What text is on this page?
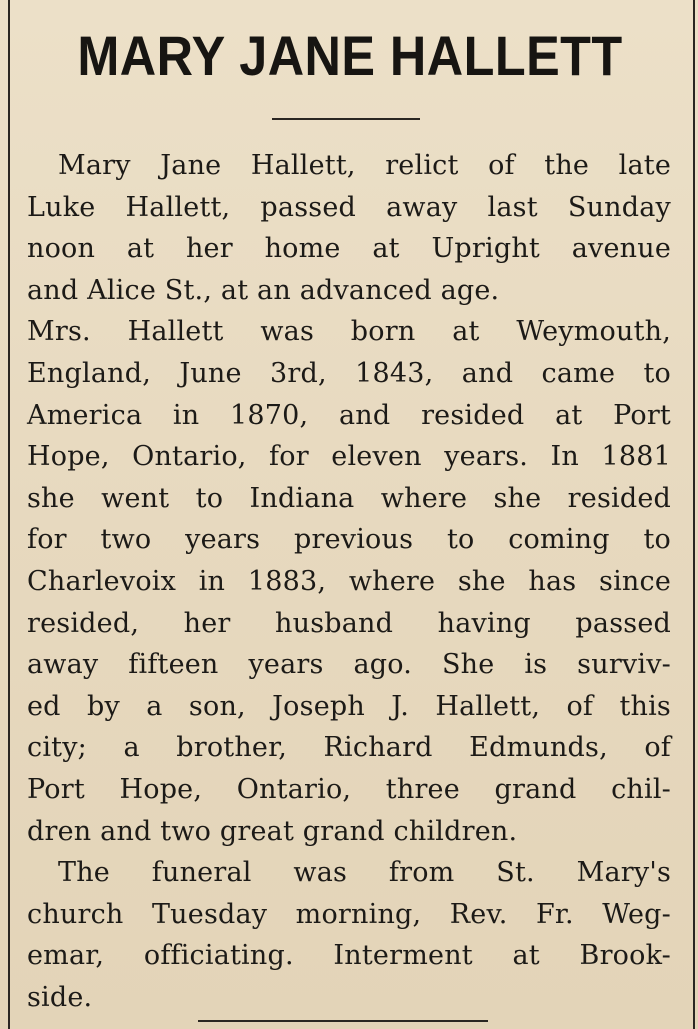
MARY JANE HALLETT
Mary Jane Hallett, relict of the late
Luke Hallett, passed away last Sunday
noon at her home at Upright avenue
and Alice St., at an advanced age.
Mrs. Hallett was born at Weymouth,
England, June 3rd, 1843, and came to
America in 1870, and resided at Port
Hope, Ontario, for eleven years. In 1881
she went to Indiana where she resided
for two years previous to coming to
Charlevoix in 1883, where she has since
resided, her husband having passed
away fifteen years ago. She is surviv-
ed by a son, Joseph J. Hallett, of this
city; a brother, Richard Edmunds, of
Port Hope, Ontario, three grand chil-
dren and two great grand children.
The funeral was from St. Mary's
church Tuesday morning, Rev. Fr. Weg-
emar, officiating. Interment at Brook-
side.
